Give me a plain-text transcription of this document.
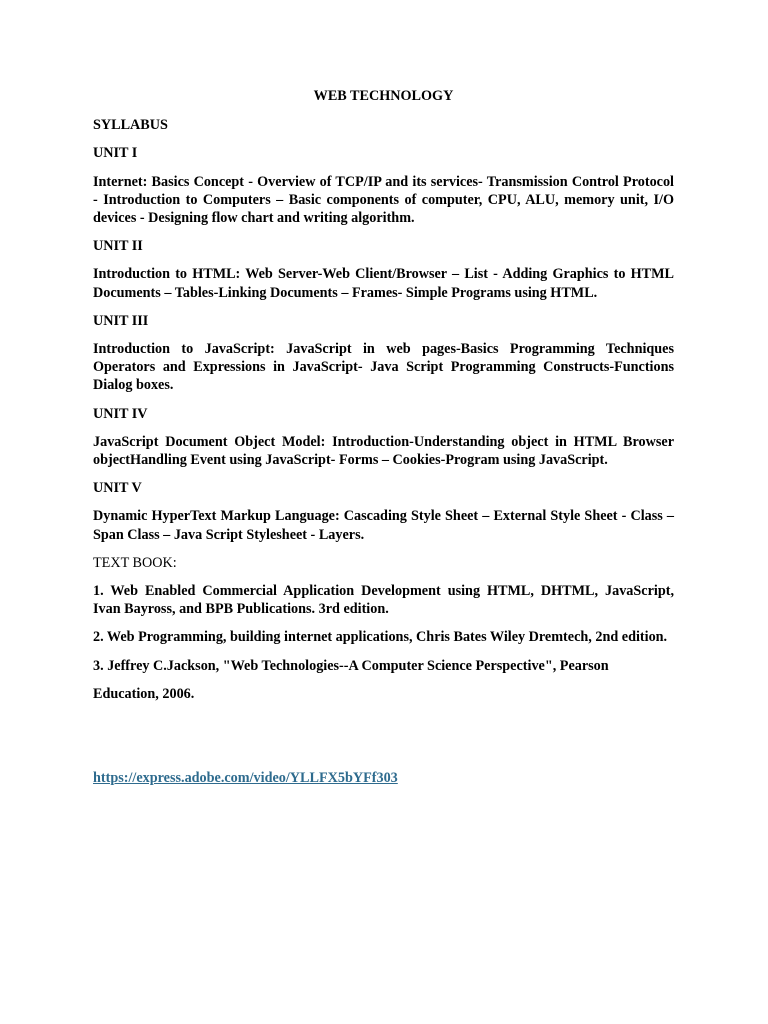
WEB TECHNOLOGY
SYLLABUS
UNIT I
Internet: Basics Concept - Overview of TCP/IP and its services- Transmission Control Protocol - Introduction to Computers – Basic components of computer, CPU, ALU, memory unit, I/O devices - Designing flow chart and writing algorithm.
UNIT II
Introduction to HTML: Web Server-Web Client/Browser – List - Adding Graphics to HTML Documents – Tables-Linking Documents – Frames- Simple Programs using HTML.
UNIT III
Introduction to JavaScript: JavaScript in web pages-Basics Programming Techniques Operators and Expressions in JavaScript- Java Script Programming Constructs-Functions Dialog boxes.
UNIT IV
JavaScript Document Object Model: Introduction-Understanding object in HTML Browser objectHandling Event using JavaScript- Forms – Cookies-Program using JavaScript.
UNIT V
Dynamic HyperText Markup Language: Cascading Style Sheet – External Style Sheet - Class – Span Class – Java Script Stylesheet - Layers.
TEXT BOOK:
1. Web Enabled Commercial Application Development using HTML, DHTML, JavaScript, Ivan Bayross, and BPB Publications. 3rd edition.
2. Web Programming, building internet applications, Chris Bates Wiley Dremtech, 2nd edition.
3. Jeffrey C.Jackson, "Web Technologies--A Computer Science Perspective", Pearson
Education, 2006.
https://express.adobe.com/video/YLLFX5bYFf303
